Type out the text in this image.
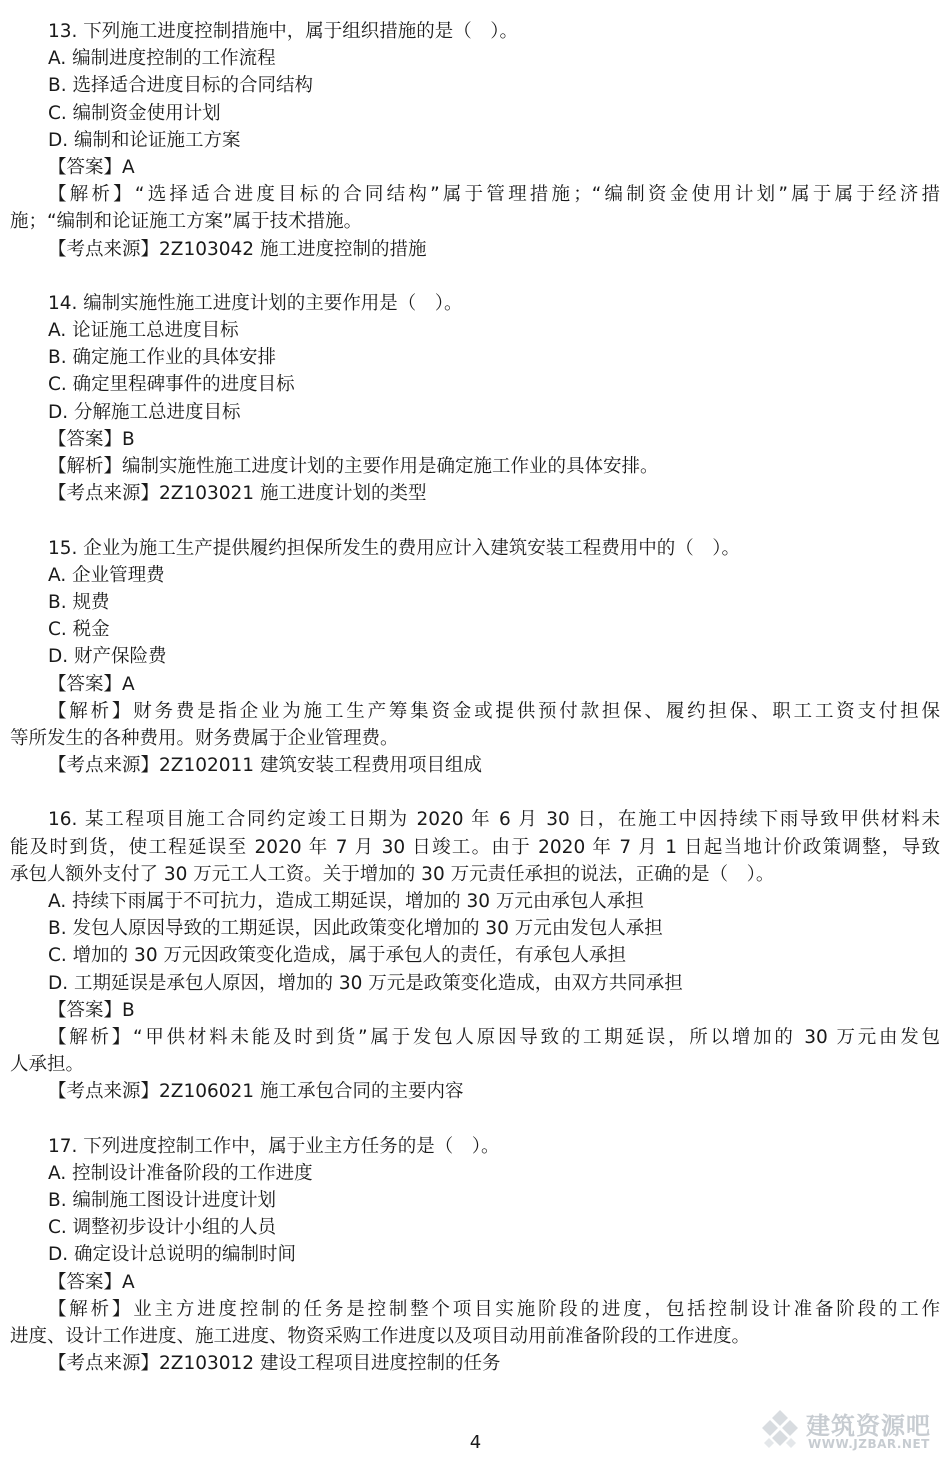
13. 下列施工进度控制措施中，属于组织措施的是（　）。
A. 编制进度控制的工作流程
B. 选择适合进度目标的合同结构
C. 编制资金使用计划
D. 编制和论证施工方案
【答案】A
【解析】“选择适合进度目标的合同结构”属于管理措施；“编制资金使用计划”属于属于经济措
施；“编制和论证施工方案”属于技术措施。
【考点来源】2Z103042 施工进度控制的措施
14. 编制实施性施工进度计划的主要作用是（　）。
A. 论证施工总进度目标
B. 确定施工作业的具体安排
C. 确定里程碑事件的进度目标
D. 分解施工总进度目标
【答案】B
【解析】编制实施性施工进度计划的主要作用是确定施工作业的具体安排。
【考点来源】2Z103021 施工进度计划的类型
15. 企业为施工生产提供履约担保所发生的费用应计入建筑安装工程费用中的（　）。
A. 企业管理费
B. 规费
C. 税金
D. 财产保险费
【答案】A
【解析】财务费是指企业为施工生产筹集资金或提供预付款担保、履约担保、职工工资支付担保
等所发生的各种费用。财务费属于企业管理费。
【考点来源】2Z102011 建筑安装工程费用项目组成
16. 某工程项目施工合同约定竣工日期为 2020 年 6 月 30 日，在施工中因持续下雨导致甲供材料未
能及时到货，使工程延误至 2020 年 7 月 30 日竣工。由于 2020 年 7 月 1 日起当地计价政策调整，导致
承包人额外支付了 30 万元工人工资。关于增加的 30 万元责任承担的说法，正确的是（　）。
A. 持续下雨属于不可抗力，造成工期延误，增加的 30 万元由承包人承担
B. 发包人原因导致的工期延误，因此政策变化增加的 30 万元由发包人承担
C. 增加的 30 万元因政策变化造成，属于承包人的责任，有承包人承担
D. 工期延误是承包人原因，增加的 30 万元是政策变化造成，由双方共同承担
【答案】B
【解析】“甲供材料未能及时到货”属于发包人原因导致的工期延误，所以增加的 30 万元由发包
人承担。
【考点来源】2Z106021 施工承包合同的主要内容
17. 下列进度控制工作中，属于业主方任务的是（　）。
A. 控制设计准备阶段的工作进度
B. 编制施工图设计进度计划
C. 调整初步设计小组的人员
D. 确定设计总说明的编制时间
【答案】A
【解析】业主方进度控制的任务是控制整个项目实施阶段的进度，包括控制设计准备阶段的工作
进度、设计工作进度、施工进度、物资采购工作进度以及项目动用前准备阶段的工作进度。
【考点来源】2Z103012 建设工程项目进度控制的任务
4
建筑资源吧
WWW.JZBAR.NET
